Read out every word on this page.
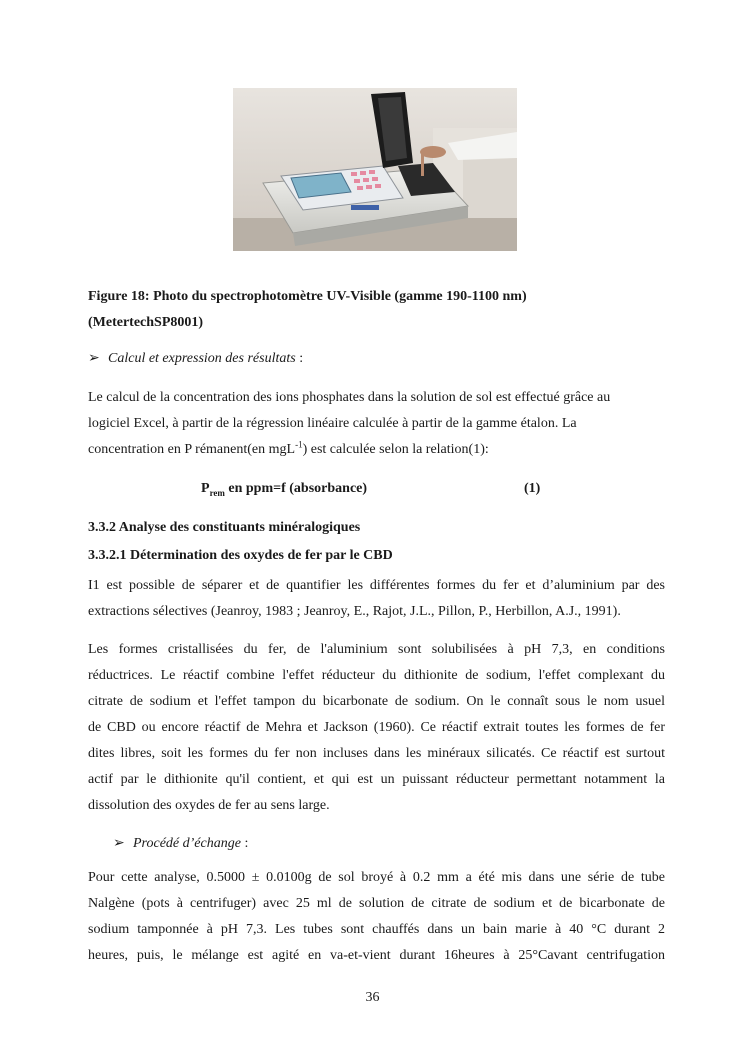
Figure 18: Photo du spectrophotomètre UV-Visible (gamme 190-1100 nm)
(MetertechSP8001)
➢ Calcul et expression des résultats :
Le calcul de la concentration des ions phosphates dans la solution de sol est effectué grâce au
logiciel Excel, à partir de la régression linéaire calculée à partir de la gamme étalon. La
concentration en P rémanent(en mgL$^{-1}$) est calculée selon la relation(1):
$P_{rem}$ en ppm=f (absorbance)	(1)
3.3.2 Analyse des constituants minéralogiques
3.3.2.1 Détermination des oxydes de fer par le CBD
I1 est possible de séparer et de quantifier les différentes formes du fer et d’aluminium par des
extractions sélectives (Jeanroy, 1983 ; Jeanroy, E., Rajot, J.L., Pillon, P., Herbillon, A.J., 1991).
Les formes cristallisées du fer, de l'aluminium sont solubilisées à pH 7,3, en conditions
réductrices. Le réactif combine l'effet réducteur du dithionite de sodium, l'effet complexant du
citrate de sodium et l'effet tampon du bicarbonate de sodium. On le connaît sous le nom usuel
de CBD ou encore réactif de Mehra et Jackson (1960). Ce réactif extrait toutes les formes de fer
dites libres, soit les formes du fer non incluses dans les minéraux silicatés. Ce réactif est surtout
actif par le dithionite qu'il contient, et qui est un puissant réducteur permettant notamment la
dissolution des oxydes de fer au sens large.
➢ Procédé d’échange :
Pour cette analyse, 0.5000 ± 0.0100g de sol broyé à 0.2 mm a été mis dans une série de tube
Nalgène (pots à centrifuger) avec 25 ml de solution de citrate de sodium et de bicarbonate de
sodium tamponnée à pH 7,3. Les tubes sont chauffés dans un bain marie à 40 °C durant 2
heures, puis, le mélange est agité en va-et-vient durant 16heures à 25°Cavant centrifugation
36
